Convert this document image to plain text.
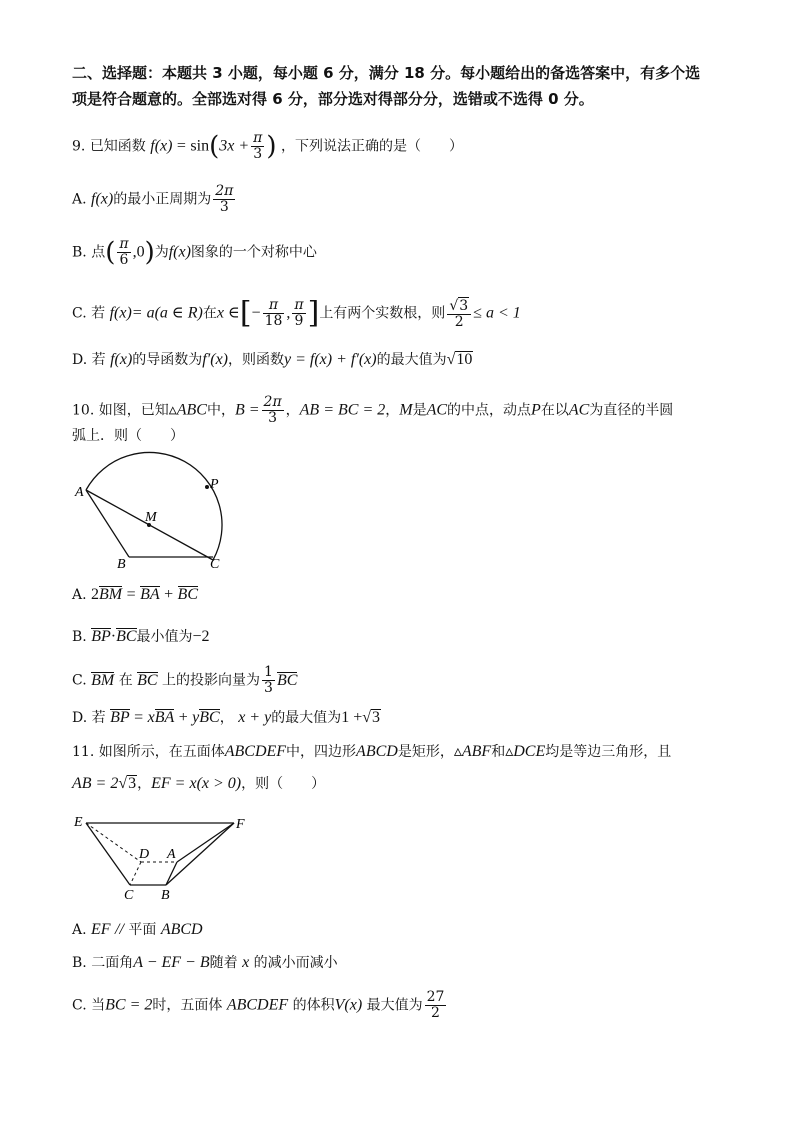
二、选择题：本题共 3 小题，每小题 6 分，满分 18 分。每小题给出的备选答案中，有多个选
项是符合题意的。全部选对得 6 分，部分选对得部分分，选错或不选得 0 分。
9. 已知函数 $f(x) = \sin(3x + \frac{\pi}{3}$ ) ，下列说法正确的是（　　）
A. f(x)的最小正周期为 $\frac{2\pi}{3}$
B. 点( $\frac{\pi}{6} ,0$)为f(x)图象的一个对称中心
C. 若 f(x)= a(a ∈ R)在x ∈[− $\frac{\pi}{18}$ , $\frac{\pi}{9}$ ]上有两个实数根，则 $\frac{√3}{2} \le a < 1$
D. 若 f(x)的导函数为f′(x)，则函数y = f(x) + f′(x)的最大值为√10
10. 如图，已知▵ABC中，$B = \frac{2\pi}{3}$ ，AB = BC = 2，M是AC的中点，动点P在以AC为直径的半圆
弧上．则（　　）
A
M
P
B	C
A. 2BM = BA + BC
B. BP·BC最小值为−2
C. BM 在 BC 上的投影向量为 $\frac{1}{3}$ BC
D. 若 BP = xBA + yBC， x + y的最大值为1 +√3
11. 如图所示，在五面体ABCDEF中，四边形ABCD是矩形，▵ABF和▵DCE均是等边三角形，且
AB = 2√3，EF = x(x > 0)，则（　　）
E	F
D A
C B
A. EF // 平面 ABCD
B. 二面角A − EF − B随着 x 的减小而减小
C. 当BC = 2时，五面体 ABCDEF 的体积V(x) 最大值为 $\frac{27}{2}$
